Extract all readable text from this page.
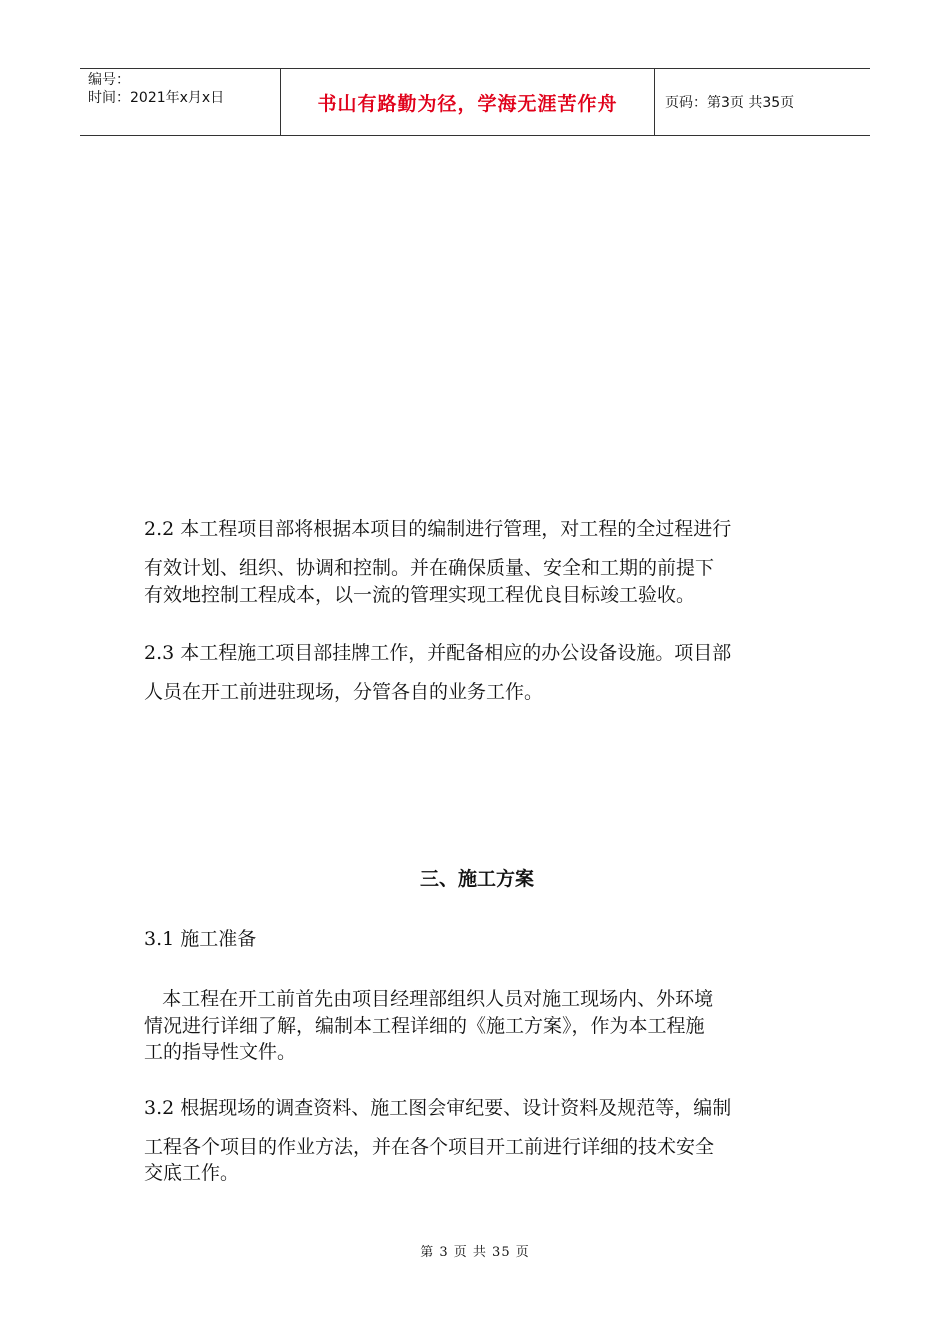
编号：
时间：2021年x月x日	书山有路勤为径，学海无涯苦作舟	页码：第3页 共35页

2.2 本工程项目部将根据本项目的编制进行管理，对工程的全过程进行

有效计划、组织、协调和控制。并在确保质量、安全和工期的前提下

有效地控制工程成本，以一流的管理实现工程优良目标竣工验收。

2.3 本工程施工项目部挂牌工作，并配备相应的办公设备设施。项目部

人员在开工前进驻现场，分管各自的业务工作。

三、施工方案

3.1 施工准备

本工程在开工前首先由项目经理部组织人员对施工现场内、外环境

情况进行详细了解，编制本工程详细的《施工方案》，作为本工程施

工的指导性文件。

3.2 根据现场的调查资料、施工图会审纪要、设计资料及规范等，编制

工程各个项目的作业方法，并在各个项目开工前进行详细的技术安全

交底工作。

第 3 页 共 35 页
